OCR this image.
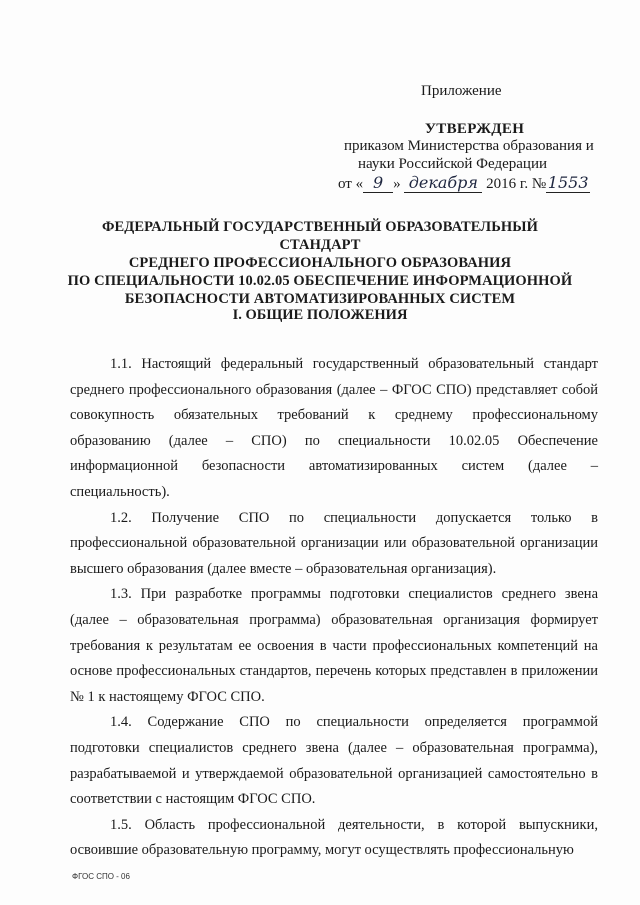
Приложение
УТВЕРЖДЕН
приказом Министерства образования и
науки Российской Федерации
от « 9 » декабря 2016 г. № 1553
ФЕДЕРАЛЬНЫЙ ГОСУДАРСТВЕННЫЙ ОБРАЗОВАТЕЛЬНЫЙ СТАНДАРТ
СРЕДНЕГО ПРОФЕССИОНАЛЬНОГО ОБРАЗОВАНИЯ
ПО СПЕЦИАЛЬНОСТИ 10.02.05 ОБЕСПЕЧЕНИЕ ИНФОРМАЦИОННОЙ
БЕЗОПАСНОСТИ АВТОМАТИЗИРОВАННЫХ СИСТЕМ
I. ОБЩИЕ ПОЛОЖЕНИЯ

1.1. Настоящий федеральный государственный образовательный стандарт среднего профессионального образования (далее – ФГОС СПО) представляет собой совокупность обязательных требований к среднему профессиональному образованию (далее – СПО) по специальности 10.02.05 Обеспечение информационной безопасности автоматизированных систем (далее – специальность).

1.2. Получение СПО по специальности допускается только в профессиональной образовательной организации или образовательной организации высшего образования (далее вместе – образовательная организация).

1.3. При разработке программы подготовки специалистов среднего звена (далее – образовательная программа) образовательная организация формирует требования к результатам ее освоения в части профессиональных компетенций на основе профессиональных стандартов, перечень которых представлен в приложении № 1 к настоящему ФГОС СПО.

1.4. Содержание СПО по специальности определяется программой подготовки специалистов среднего звена (далее – образовательная программа), разрабатываемой и утверждаемой образовательной организацией самостоятельно в соответствии с настоящим ФГОС СПО.

1.5. Область профессиональной деятельности, в которой выпускники, освоившие образовательную программу, могут осуществлять профессиональную

ФГОС СПО - 06
